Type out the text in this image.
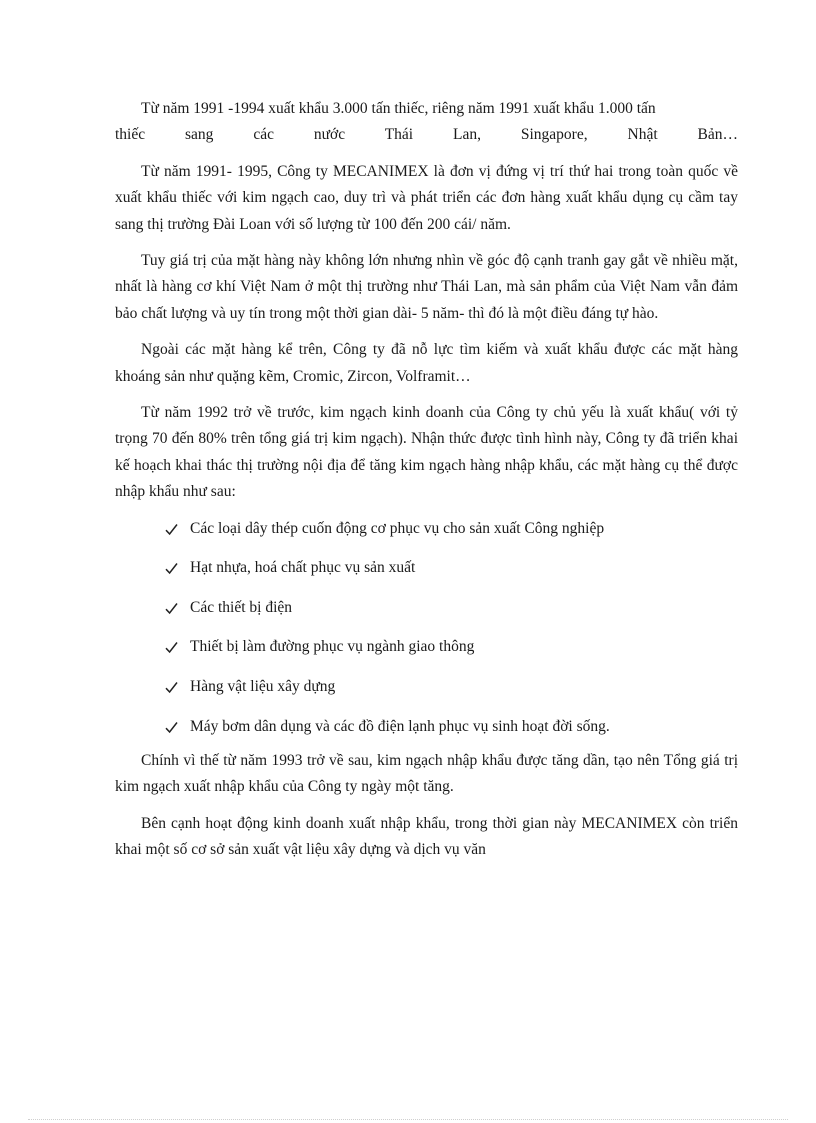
Từ năm 1991 -1994 xuất khẩu 3.000 tấn thiếc, riêng năm 1991 xuất khẩu 1.000 tấn

thiếc sang các nước Thái Lan, Singapore, Nhật Bản…

Từ năm 1991- 1995, Công ty MECANIMEX là đơn vị đứng vị trí thứ hai trong toàn quốc về xuất khẩu thiếc với kim ngạch cao, duy trì và phát triển các đơn hàng xuất khẩu dụng cụ cầm tay sang thị trường Đài Loan với số lượng từ 100 đến 200 cái/ năm.

Tuy giá trị của mặt hàng này không lớn nhưng nhìn về góc độ cạnh tranh gay gắt về nhiều mặt, nhất là hàng cơ khí Việt Nam ở một thị trường như Thái Lan, mà sản phẩm của Việt Nam vẫn đảm bảo chất lượng và uy tín trong một thời gian dài- 5 năm- thì đó là một điều đáng tự hào.

Ngoài các mặt hàng kể trên, Công ty đã nỗ lực tìm kiếm và xuất khẩu được các mặt hàng khoáng sản như quặng kẽm, Cromic, Zircon, Volframit…

Từ năm 1992 trở về trước, kim ngạch kinh doanh của Công ty chủ yếu là xuất khẩu( với tỷ trọng 70 đến 80% trên tổng giá trị kim ngạch). Nhận thức được tình hình này, Công ty đã triển khai kế hoạch khai thác thị trường nội địa để tăng kim ngạch hàng nhập khẩu, các mặt hàng cụ thể được nhập khẩu như sau:

Các loại dây thép cuốn động cơ phục vụ cho sản xuất Công nghiệp
Hạt nhựa, hoá chất phục vụ sản xuất
Các thiết bị điện
Thiết bị làm đường phục vụ ngành giao thông
Hàng vật liệu xây dựng
Máy bơm dân dụng và các đồ điện lạnh phục vụ sinh hoạt đời sống.

Chính vì thế từ năm 1993 trở về sau, kim ngạch nhập khẩu được tăng dần, tạo nên Tổng giá trị kim ngạch xuất nhập khẩu của Công ty ngày một tăng.

Bên cạnh hoạt động kinh doanh xuất nhập khẩu, trong thời gian này MECANIMEX còn triển khai một số cơ sở sản xuất vật liệu xây dựng và dịch vụ văn
